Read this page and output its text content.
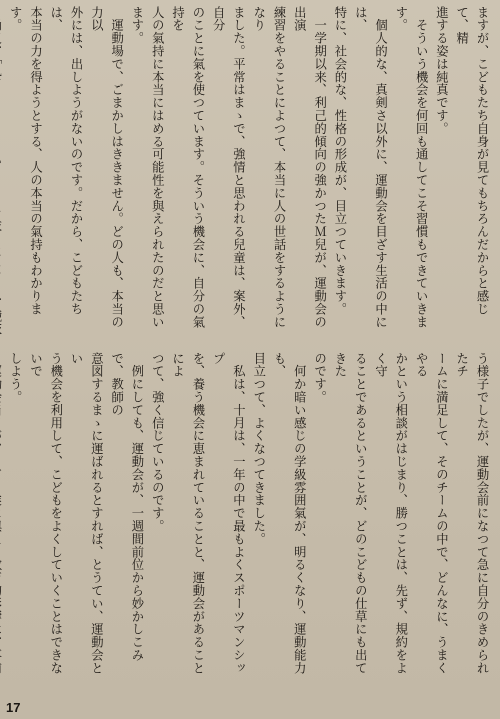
ますが、こどもたち自身が見てもちろんだからと感じて、精
進する姿は純真です。
　そういう機会を何回も通してこそ習慣もできていきます。
　個人的な、真剣さ以外に、運動会を目ざす生活の中には、
特に、社会的な、性格の形成が、目立つていきます。
　一学期以来、利己的傾向の強かつたＭ兒が、運動会の出演
練習をやることによつて、本当に人の世話をするようになり
ました。平常はまゝで、強情と思われる兒童は、案外、自分
のことに氣を使つています。そういう機会に、自分の氣持を
人の氣持に本当にはめる可能性を與えられたのだと思います。
　運動場で、ごまかしはききません。どの人も、本当の力以
外には、出しようがないのです。だから、こどもたちは、
本当の力を得ようとする、人の本当の氣持もわかります。

う様子でしたが、運動会前になつて急に自分のきめられたチ
ームに満足して、そのチームの中で、どんなに、うまくやる
かという相談がはじまり、勝つことは、先ず、規約をよく守
ることであるということが、どのこどもの仕草にも出てきた
のです。
　何か暗い感じの学級雰囲氣が、明るくなり、運動能力も、
目立つて、よくなつてきました。
　私は、十月は、一年の中で最もよくスポーツマンシップ
を、養う機会に恵まれていることと、運動会があることによ
つて、強く信じているのです。
　例にしても、運動会が、一週間前位から妙かしこみで、教師の
意図するまゝに運ばれるとすれば、とうてい、運動会とい
う機会を利用して、こどもをよくしていくことはできないで
しよう。

17
